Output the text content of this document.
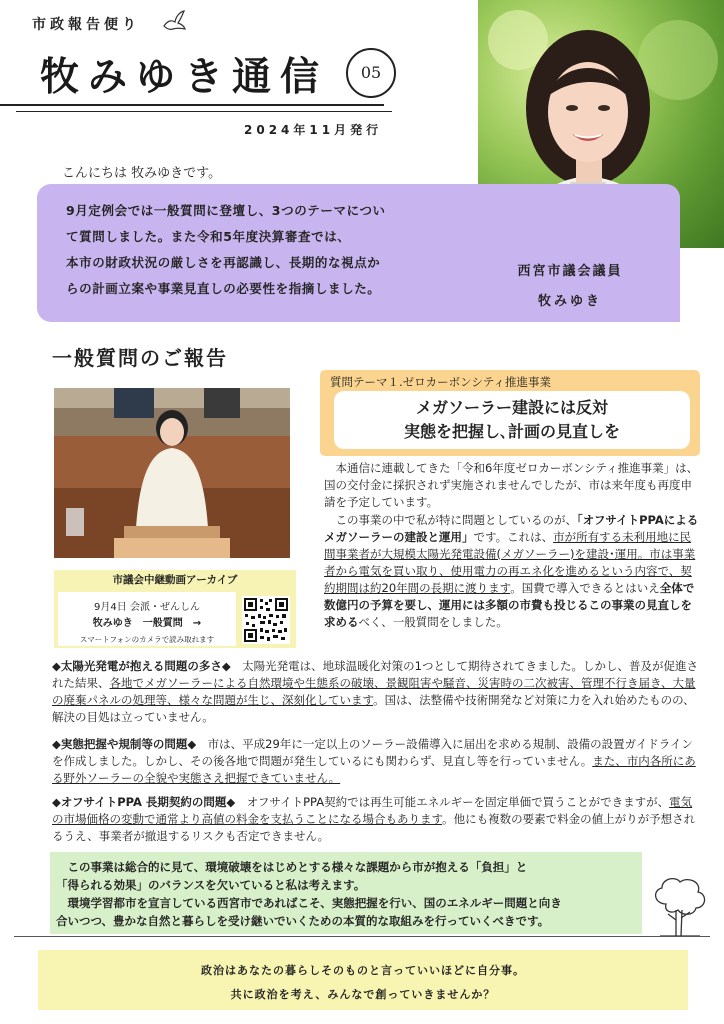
市政報告便り
牧みゆき通信	05
2024年11月発行
こんにちは 牧みゆきです。
9月定例会では一般質問に登壇し、3つのテーマについ
て質問しました。また令和5年度決算審査では、
本市の財政状況の厳しさを再認識し、長期的な視点か
らの計画立案や事業見直しの必要性を指摘しました。
西宮市議会議員
牧みゆき
一般質問のご報告
市議会中継動画アーカイブ
9月4日 会派・ぜんしん
牧みゆき　一般質問　→
スマートフォンのカメラで読み取れます
質問テーマ１.ゼロカーボンシティ推進事業
メガソーラー建設には反対
実態を把握し､計画の見直しを
本通信に連載してきた「令和6年度ゼロカーボンシティ推進事業」は、国の交付金に採択されず実施されませんでしたが、市は来年度も再度申請を予定しています。
この事業の中で私が特に問題としているのが、「オフサイトPPAによるメガソーラーの建設と運用」です。これは、市が所有する未利用地に民間事業者が大規模太陽光発電設備(メガソーラー)を建設･運用。市は事業者から電気を買い取り、使用電力の再エネ化を進めるという内容で、契約期間は約20年間の長期に渡ります。国費で導入できるとはいえ全体で数億円の予算を要し、運用には多額の市費も投じるこの事業の見直しを求めるべく、一般質問をしました。
◆太陽光発電が抱える問題の多さ◆　太陽光発電は、地球温暖化対策の1つとして期待されてきました。しかし、普及が促進された結果、各地でメガソーラーによる自然環境や生態系の破壊、景観阻害や騒音、災害時の二次被害、管理不行き届き、大量の廃棄パネルの処理等、様々な問題が生じ、深刻化しています。国は、法整備や技術開発など対策に力を入れ始めたものの、解決の目処は立っていません。
◆実態把握や規制等の問題◆　市は、平成29年に一定以上のソーラー設備導入に届出を求める規制、設備の設置ガイドラインを作成しました。しかし、その後各地で問題が発生しているにも関わらず、見直し等を行っていません。また、市内各所にある野外ソーラーの全貌や実態さえ把握できていません。
◆オフサイトPPA 長期契約の問題◆　オフサイトPPA契約では再生可能エネルギーを固定単価で買うことができますが、電気の市場価格の変動で通常より高値の料金を支払うことになる場合もあります。他にも複数の要素で料金の値上がりが予想されるうえ、事業者が撤退するリスクも否定できません。
　この事業は総合的に見て、環境破壊をはじめとする様々な課題から市が抱える「負担」と
「得られる効果」のバランスを欠いていると私は考えます。
　環境学習都市を宣言している西宮市であればこそ、実態把握を行い、国のエネルギー問題と向き
合いつつ、豊かな自然と暮らしを受け継いでいくための本質的な取組みを行っていくべきです。
政治はあなたの暮らしそのものと言っていいほどに自分事。
共に政治を考え、みんなで創っていきませんか？
